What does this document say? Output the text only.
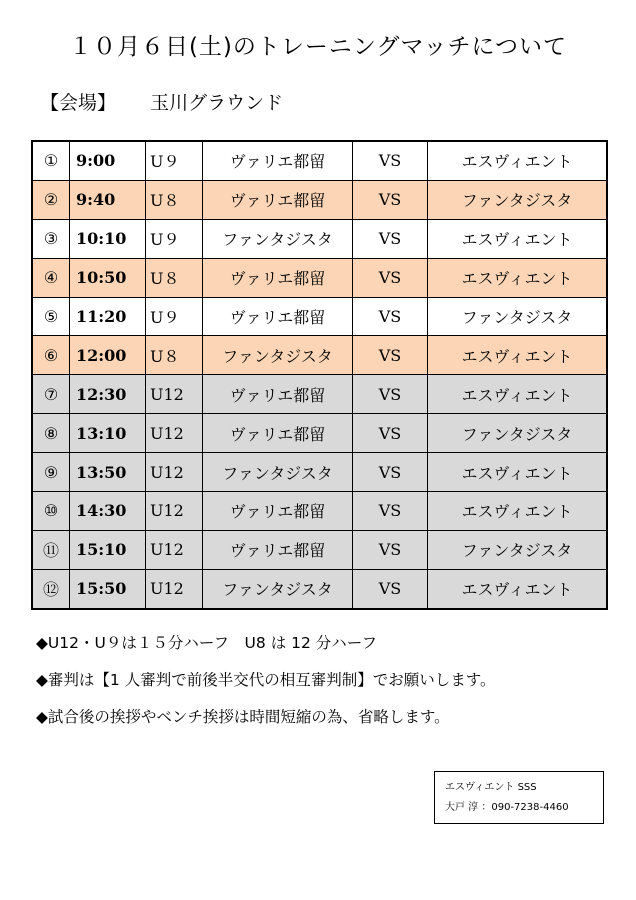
１０月６日(土)のトレーニングマッチについて
【会場】 玉川グラウンド
①	9:00	U９	ヴァリエ都留	VS	エスヴィエント
②	9:40	U８	ヴァリエ都留	VS	ファンタジスタ
③	10:10	U９	ファンタジスタ	VS	エスヴィエント
④	10:50	U８	ヴァリエ都留	VS	エスヴィエント
⑤	11:20	U９	ヴァリエ都留	VS	ファンタジスタ
⑥	12:00	U８	ファンタジスタ	VS	エスヴィエント
⑦	12:30	U12	ヴァリエ都留	VS	エスヴィエント
⑧	13:10	U12	ヴァリエ都留	VS	ファンタジスタ
⑨	13:50	U12	ファンタジスタ	VS	エスヴィエント
⑩	14:30	U12	ヴァリエ都留	VS	エスヴィエント
⑪	15:10	U12	ヴァリエ都留	VS	ファンタジスタ
⑫	15:50	U12	ファンタジスタ	VS	エスヴィエント
◆U12・U９は１５分ハーフ　U8 は 12 分ハーフ
◆審判は【1 人審判で前後半交代の相互審判制】でお願いします。
◆試合後の挨拶やベンチ挨拶は時間短縮の為、省略します。
エスヴィエント SSS
大戸 淳 ：090-7238-4460
